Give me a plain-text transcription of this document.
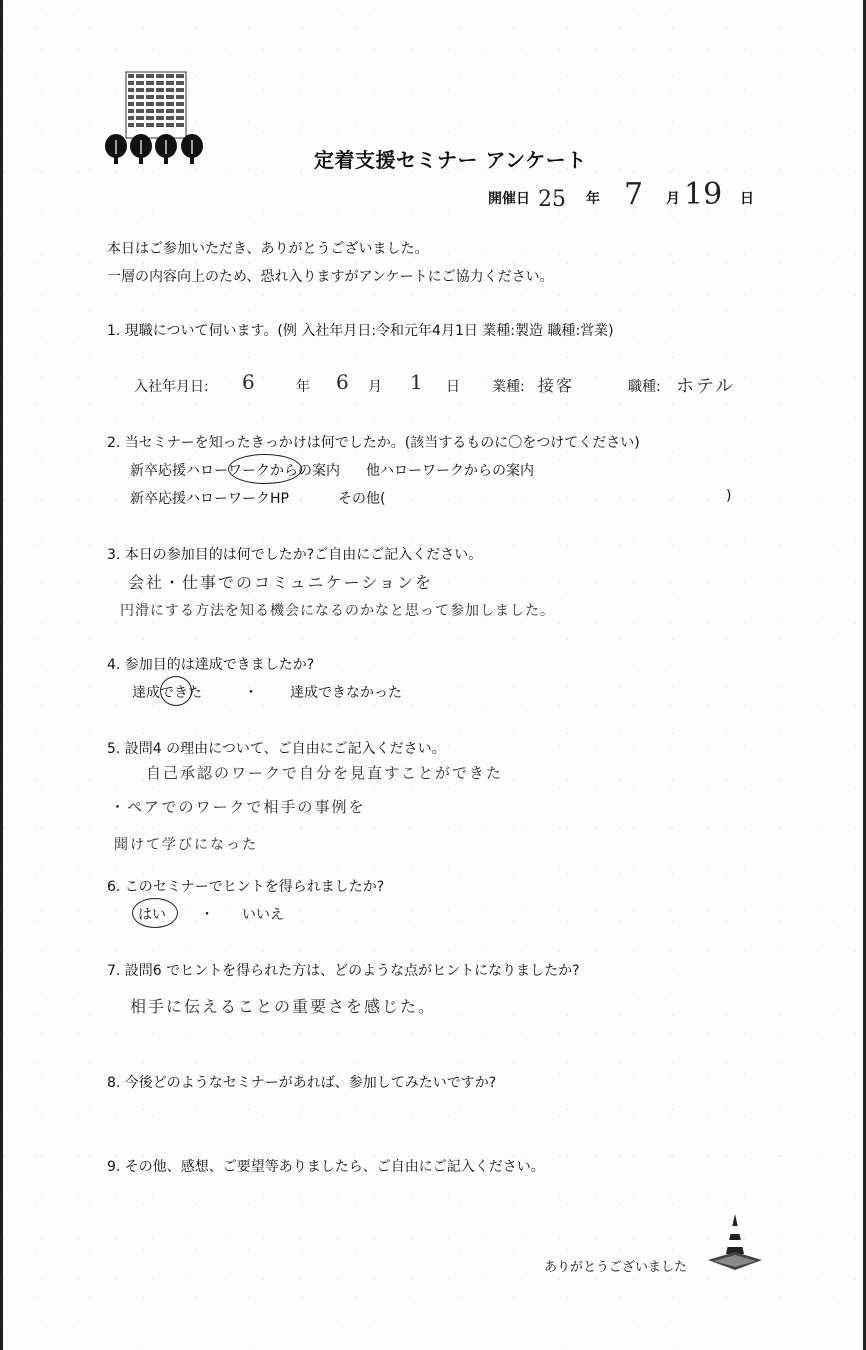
定着支援セミナー アンケート
開催日 25	年 7	月 19	日
本日はご参加いただき、ありがとうございました。
一層の内容向上のため、恐れ入りますがアンケートにご協力ください。
1. 現職について伺います。(例 入社年月日:令和元年4月1日 業種:製造 職種:営業)
入社年月日: 6	年 6 月 1 日 業種: 接客	職種: ホテル
2. 当セミナーを知ったきっかけは何でしたか。(該当するものに〇をつけてください)
新卒応援ハローワークからの案内 他ハローワークからの案内
新卒応援ハローワークHP	その他(	)
3. 本日の参加目的は何でしたか?ご自由にご記入ください。
会社・仕事でのコミュニケーションを
円滑にする方法を知る機会になるのかなと思って参加しました。
4. 参加目的は達成できましたか?
達成できた	・ 達成できなかった
5. 設問4 の理由について、ご自由にご記入ください。
自己承認のワークで自分を見直すことができた
・ペアでのワークで相手の事例を
聞けて学びになった
6. このセミナーでヒントを得られましたか?
はい ・ いいえ
7. 設問6 でヒントを得られた方は、どのような点がヒントになりましたか?
相手に伝えることの重要さを感じた。
8. 今後どのようなセミナーがあれば、参加してみたいですか?
9. その他、感想、ご要望等ありましたら、ご自由にご記入ください。
ありがとうございました
